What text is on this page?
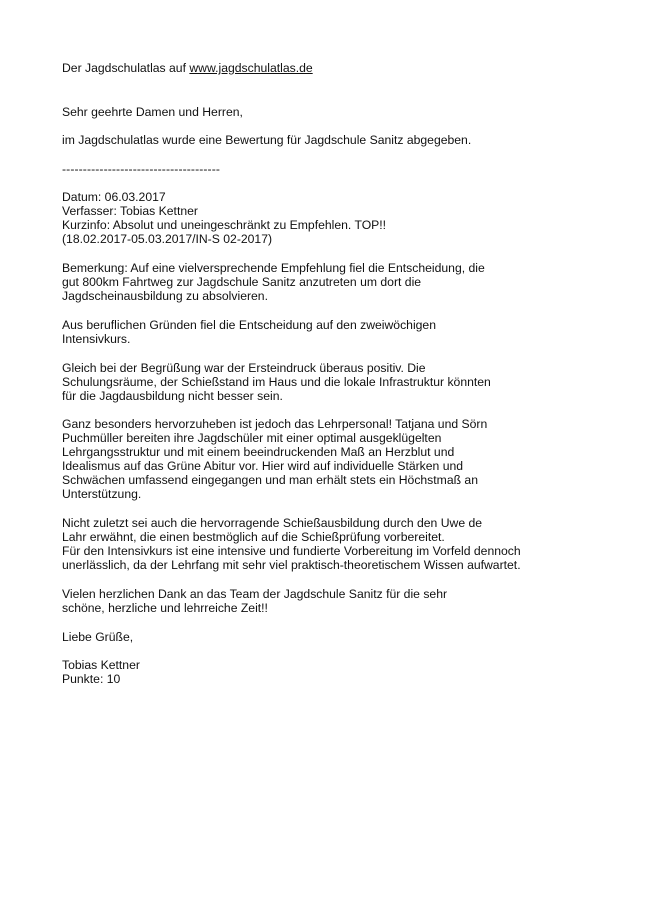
Der Jagdschulatlas auf www.jagdschulatlas.de
Sehr geehrte Damen und Herren,
im Jagdschulatlas wurde eine Bewertung für Jagdschule Sanitz abgegeben.
--------------------------------------
Datum: 06.03.2017
Verfasser: Tobias Kettner
Kurzinfo: Absolut und uneingeschränkt zu Empfehlen. TOP!!
(18.02.2017-05.03.2017/IN-S 02-2017)
Bemerkung: Auf eine vielversprechende Empfehlung fiel die Entscheidung, die
gut 800km Fahrtweg zur Jagdschule Sanitz anzutreten um dort die
Jagdscheinausbildung zu absolvieren.
Aus beruflichen Gründen fiel die Entscheidung auf den zweiwöchigen
Intensivkurs.
Gleich bei der Begrüßung war der Ersteindruck überaus positiv. Die
Schulungsräume, der Schießstand im Haus und die lokale Infrastruktur könnten
für die Jagdausbildung nicht besser sein.
Ganz besonders hervorzuheben ist jedoch das Lehrpersonal! Tatjana und Sörn
Puchmüller bereiten ihre Jagdschüler mit einer optimal ausgeklügelten
Lehrgangsstruktur und mit einem beeindruckenden Maß an Herzblut und
Idealismus auf das Grüne Abitur vor. Hier wird auf individuelle Stärken und
Schwächen umfassend eingegangen und man erhält stets ein Höchstmaß an
Unterstützung.
Nicht zuletzt sei auch die hervorragende Schießausbildung durch den Uwe de
Lahr erwähnt, die einen bestmöglich auf die Schießprüfung vorbereitet.
Für den Intensivkurs ist eine intensive und fundierte Vorbereitung im Vorfeld dennoch
unerlässlich, da der Lehrfang mit sehr viel praktisch-theoretischem Wissen aufwartet.
Vielen herzlichen Dank an das Team der Jagdschule Sanitz für die sehr
schöne, herzliche und lehrreiche Zeit!!
Liebe Grüße,
Tobias Kettner
Punkte: 10
